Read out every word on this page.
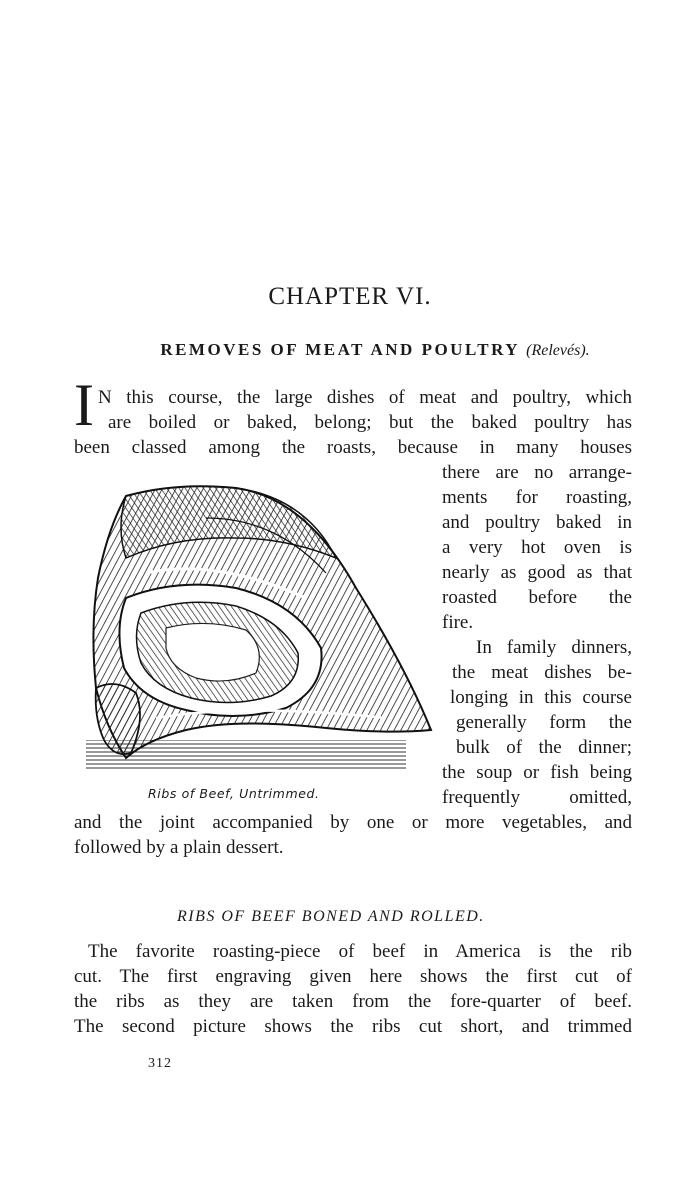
CHAPTER VI.
REMOVES OF MEAT AND POULTRY (Relevés).
I N this course, the large dishes of meat and poultry, which
are boiled or baked, belong; but the baked poultry has
been classed among the roasts, because in many houses
there are no arrange-
ments for roasting,
and poultry baked in
a very hot oven is
nearly as good as that
roasted before the
fire.
In family dinners,
the meat dishes be-
longing in this course
generally form the
bulk of the dinner;
the soup or fish being
frequently omitted,
and the joint accompanied by one or more vegetables, and
followed by a plain dessert.
Ribs of Beef, Untrimmed.
RIBS OF BEEF BONED AND ROLLED.
The favorite roasting-piece of beef in America is the rib
cut. The first engraving given here shows the first cut of
the ribs as they are taken from the fore-quarter of beef.
The second picture shows the ribs cut short, and trimmed
312
